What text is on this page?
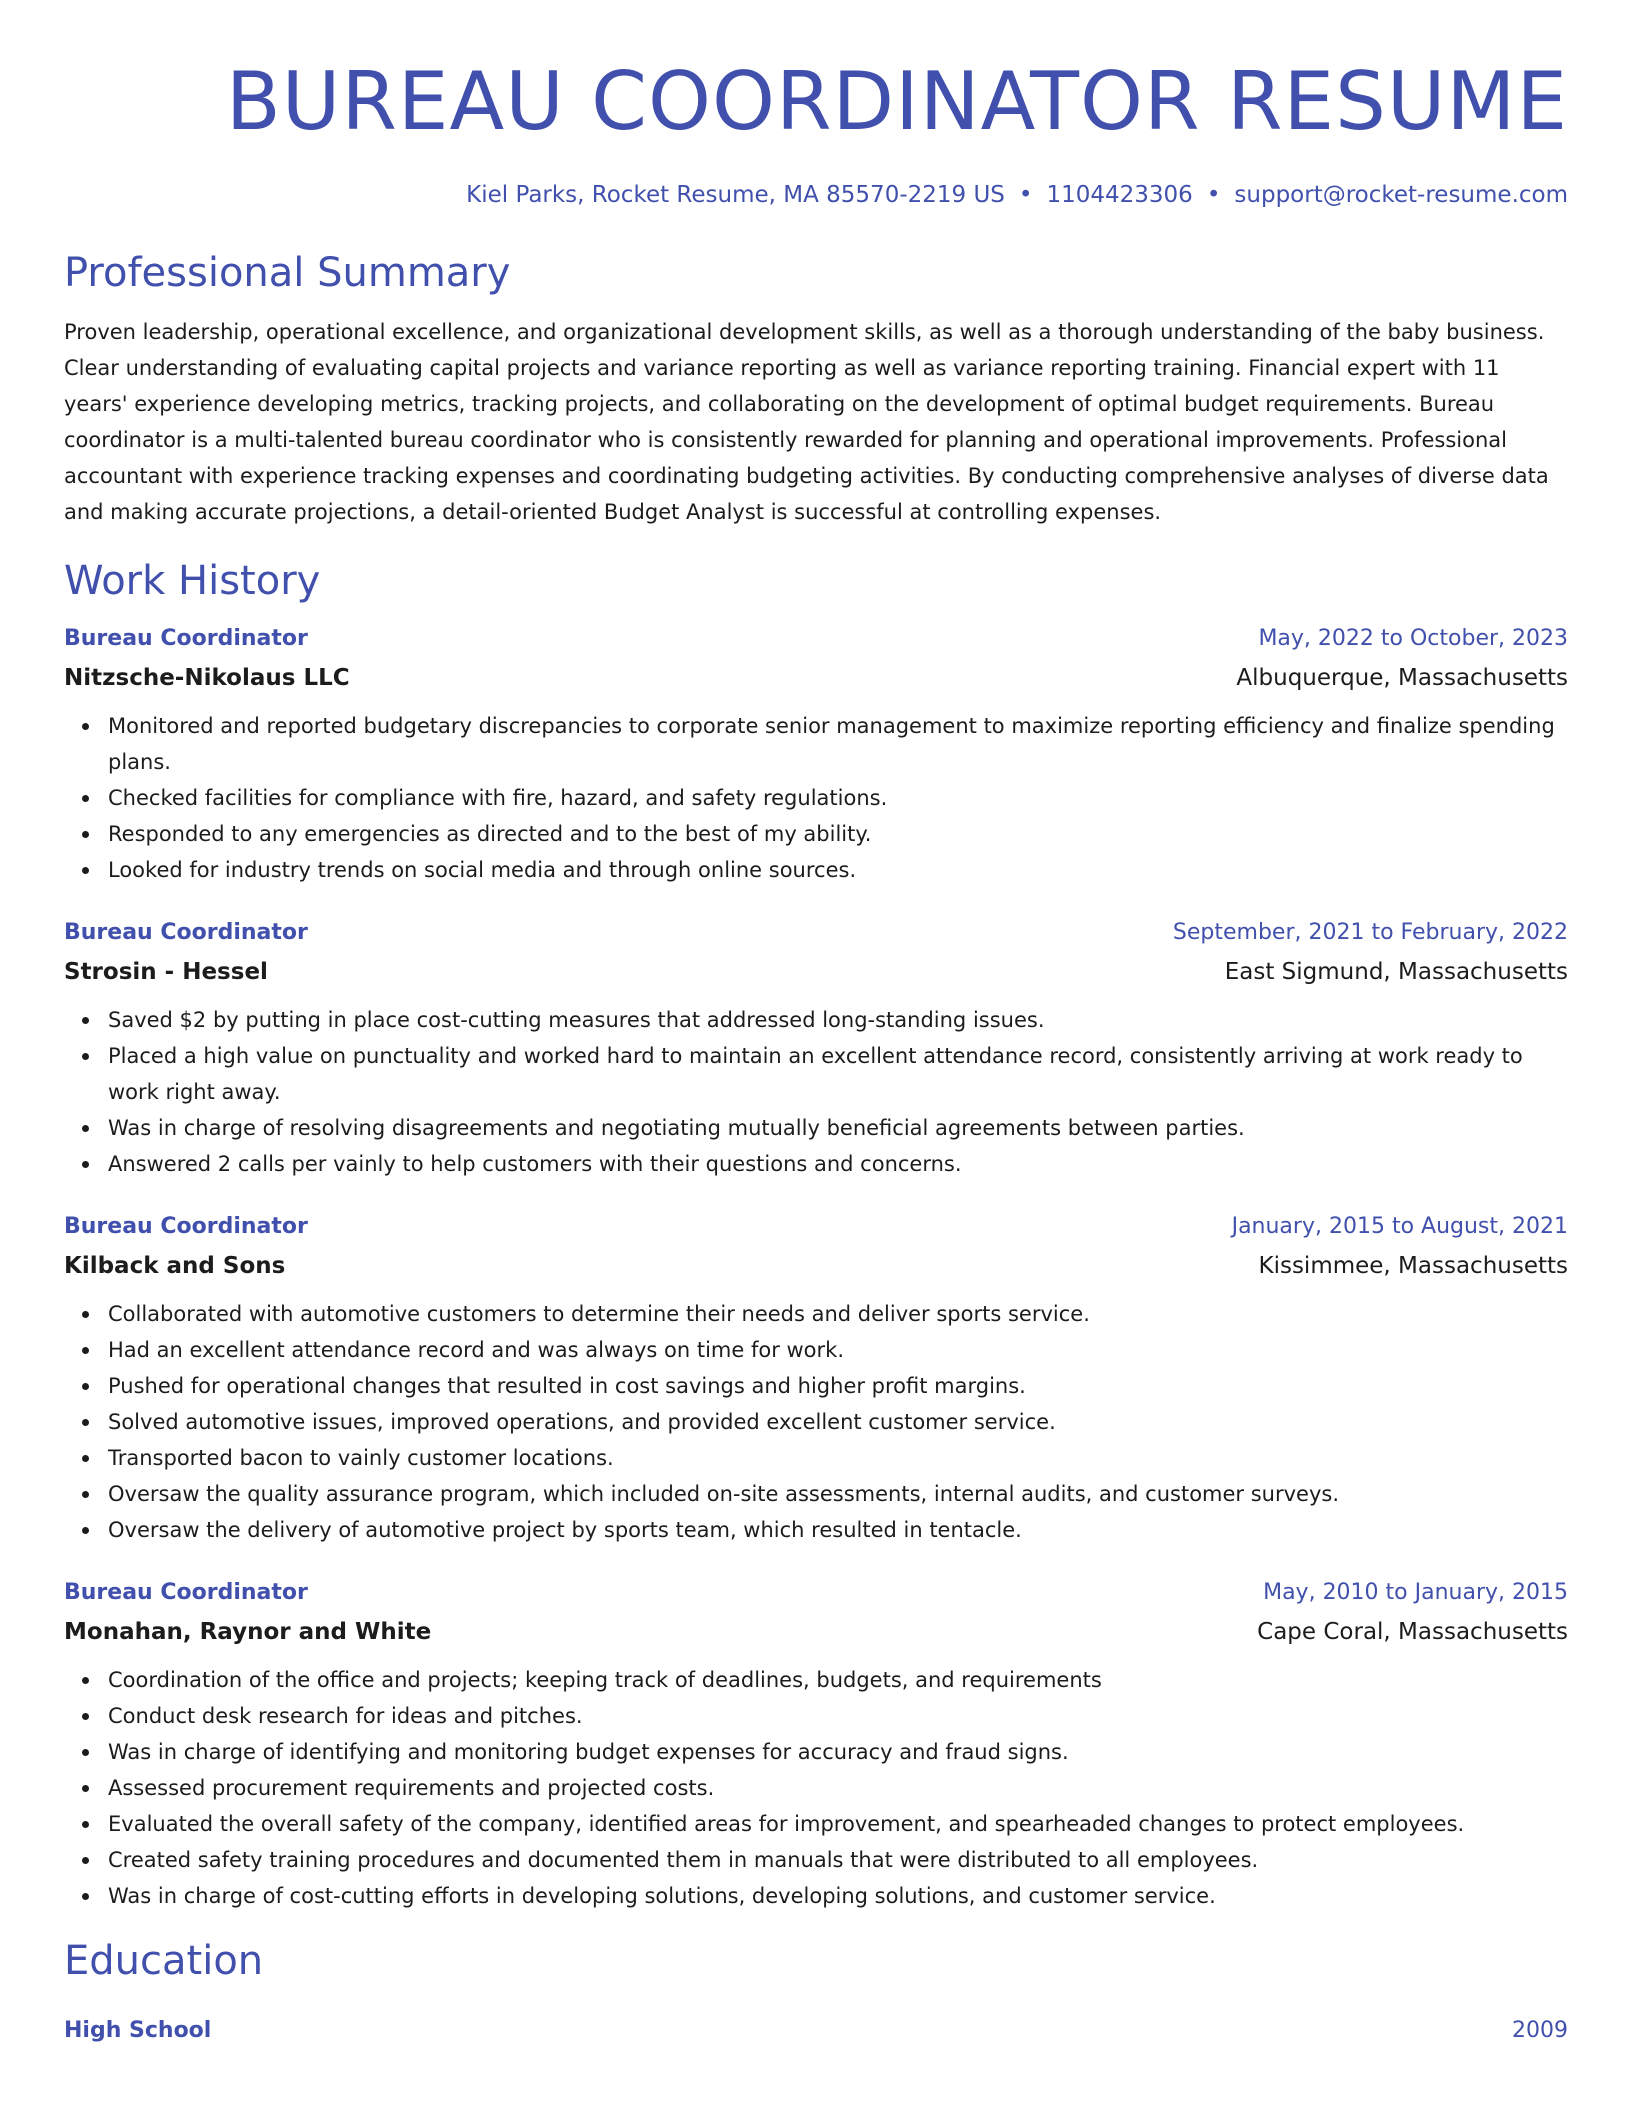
BUREAU COORDINATOR RESUME
Kiel Parks, Rocket Resume, MA 85570-2219 US • 1104423306 • support@rocket-resume.com
Professional Summary

Proven leadership, operational excellence, and organizational development skills, as well as a thorough understanding of the baby business. Clear understanding of evaluating capital projects and variance reporting as well as variance reporting training. Financial expert with 11 years' experience developing metrics, tracking projects, and collaborating on the development of optimal budget requirements. Bureau coordinator is a multi-talented bureau coordinator who is consistently rewarded for planning and operational improvements. Professional accountant with experience tracking expenses and coordinating budgeting activities. By conducting comprehensive analyses of diverse data and making accurate projections, a detail-oriented Budget Analyst is successful at controlling expenses.

Work History
Bureau Coordinator	May, 2022 to October, 2023
Nitzsche-Nikolaus LLC	Albuquerque, Massachusetts
Monitored and reported budgetary discrepancies to corporate senior management to maximize reporting efficiency and finalize spending plans.
Checked facilities for compliance with fire, hazard, and safety regulations.
Responded to any emergencies as directed and to the best of my ability.
Looked for industry trends on social media and through online sources.
Bureau Coordinator	September, 2021 to February, 2022
Strosin - Hessel	East Sigmund, Massachusetts
Saved $2 by putting in place cost-cutting measures that addressed long-standing issues.
Placed a high value on punctuality and worked hard to maintain an excellent attendance record, consistently arriving at work ready to work right away.
Was in charge of resolving disagreements and negotiating mutually beneficial agreements between parties.
Answered 2 calls per vainly to help customers with their questions and concerns.
Bureau Coordinator	January, 2015 to August, 2021
Kilback and Sons	Kissimmee, Massachusetts
Collaborated with automotive customers to determine their needs and deliver sports service.
Had an excellent attendance record and was always on time for work.
Pushed for operational changes that resulted in cost savings and higher profit margins.
Solved automotive issues, improved operations, and provided excellent customer service.
Transported bacon to vainly customer locations.
Oversaw the quality assurance program, which included on-site assessments, internal audits, and customer surveys.
Oversaw the delivery of automotive project by sports team, which resulted in tentacle.
Bureau Coordinator	May, 2010 to January, 2015
Monahan, Raynor and White	Cape Coral, Massachusetts
Coordination of the office and projects; keeping track of deadlines, budgets, and requirements
Conduct desk research for ideas and pitches.
Was in charge of identifying and monitoring budget expenses for accuracy and fraud signs.
Assessed procurement requirements and projected costs.
Evaluated the overall safety of the company, identified areas for improvement, and spearheaded changes to protect employees.
Created safety training procedures and documented them in manuals that were distributed to all employees.
Was in charge of cost-cutting efforts in developing solutions, developing solutions, and customer service.
Education
High School	2009
